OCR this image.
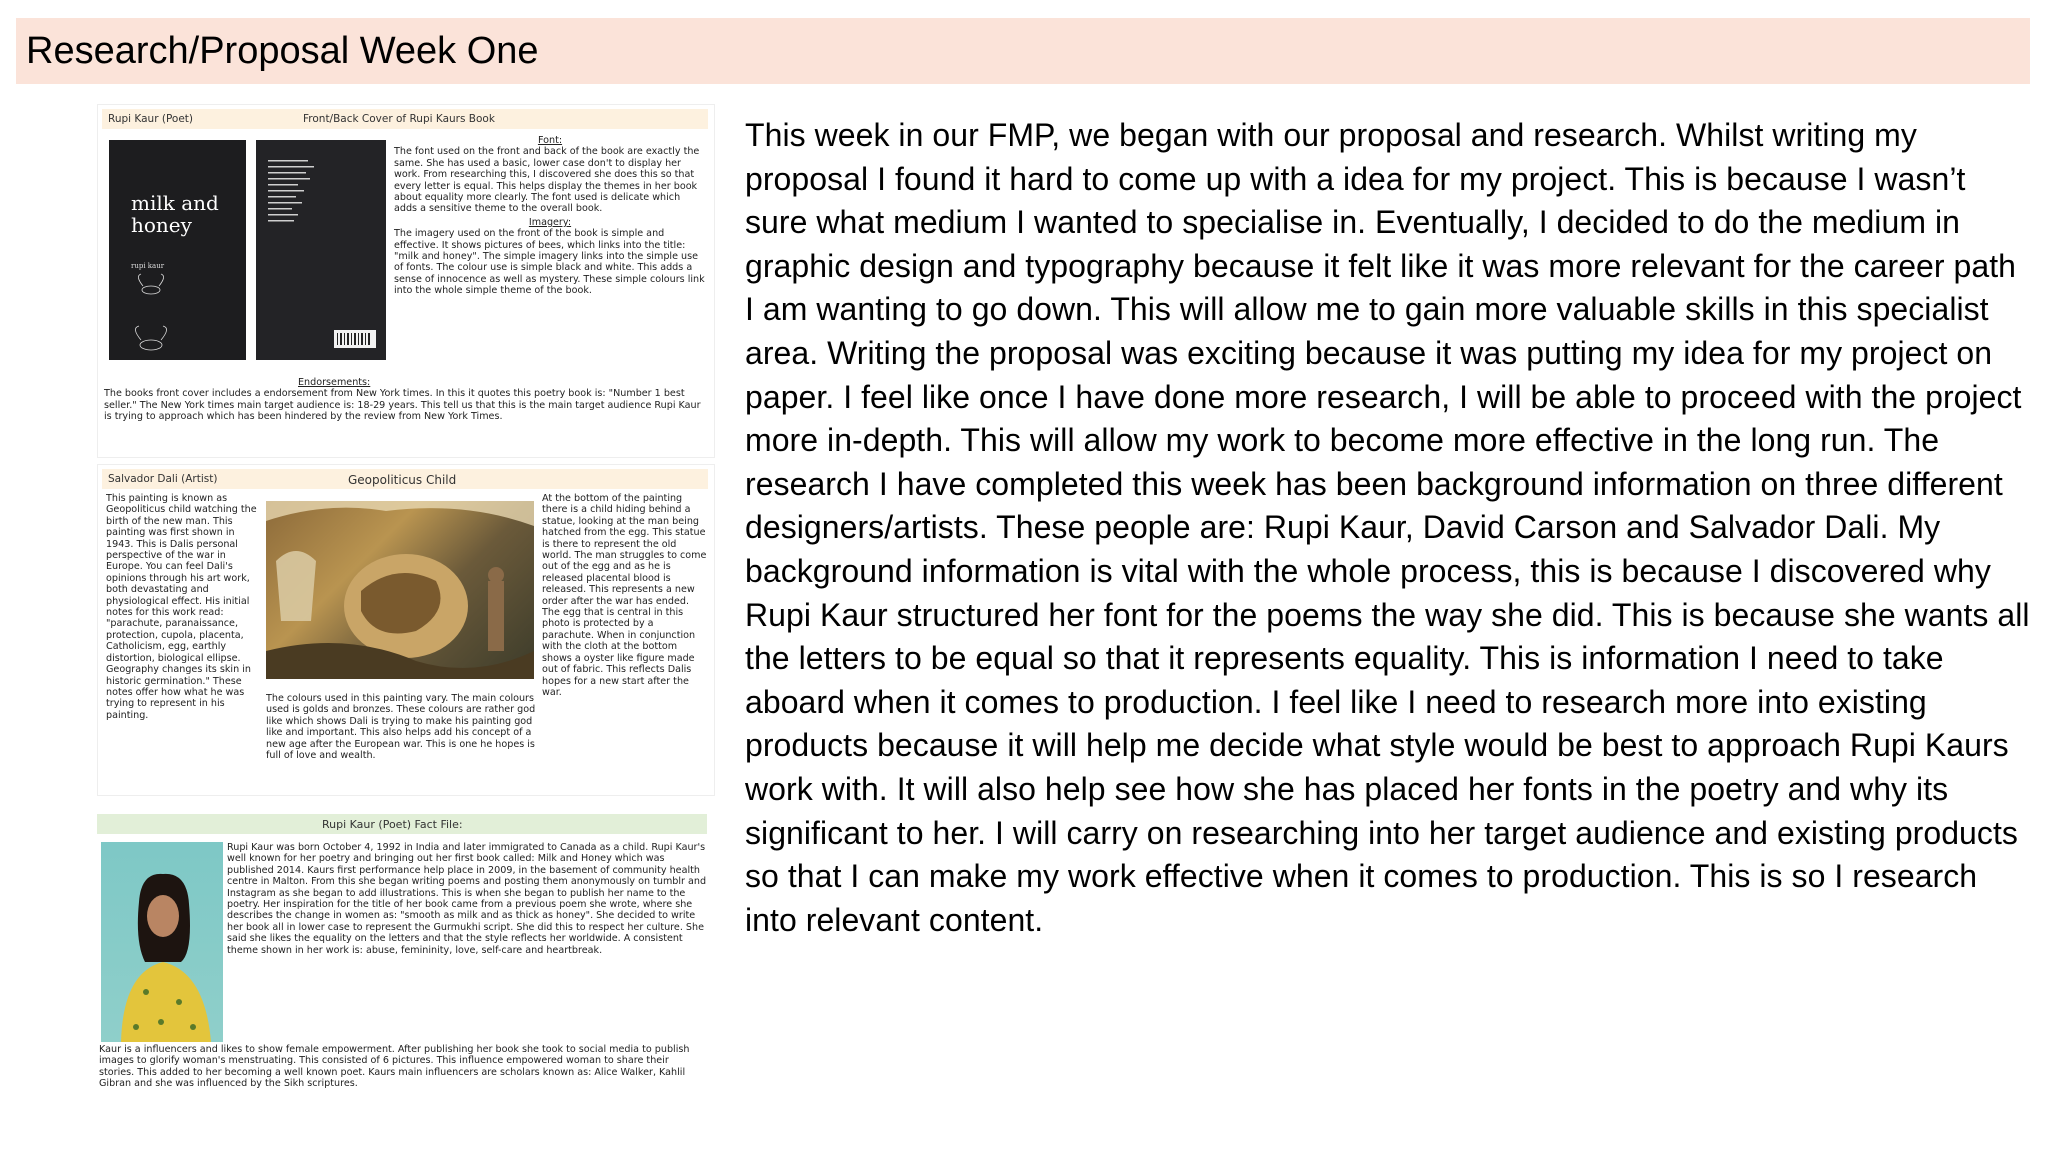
Research/Proposal Week One
Rupi Kaur (Poet)	Front/Back Cover of Rupi Kaurs Book
milk and honey
rupi kaur

Font:

The font used on the front and back of the book are exactly the same. She has used a basic, lower case don't to display her work. From researching this, I discovered she does this so that every letter is equal. This helps display the themes in her book about equality more clearly. The font used is delicate which adds a sensitive theme to the overall book.

Imagery:

The imagery used on the front of the book is simple and effective. It shows pictures of bees, which links into the title: "milk and honey". The simple imagery links into the simple use of fonts. The colour use is simple black and white. This adds a sense of innocence as well as mystery. These simple colours link into the whole simple theme of the book.

Endorsements:

The books front cover includes a endorsement from New York times. In this it quotes this poetry book is: "Number 1 best seller." The New York times main target audience is: 18-29 years. This tell us that this is the main target audience Rupi Kaur is trying to approach which has been hindered by the review from New York Times.

Salvador Dali (Artist)	Geopoliticus Child
This painting is known as Geopoliticus child watching the birth of the new man. This painting was first shown in 1943. This is Dalis personal perspective of the war in Europe. You can feel Dali's opinions through his art work, both devastating and physiological effect. His initial notes for this work read: "parachute, paranaissance, protection, cupola, placenta, Catholicism, egg, earthly distortion, biological ellipse. Geography changes its skin in historic germination." These notes offer how what he was trying to represent in his painting.
At the bottom of the painting there is a child hiding behind a statue, looking at the man being hatched from the egg. This statue is there to represent the old world. The man struggles to come out of the egg and as he is released placental blood is released. This represents a new order after the war has ended. The egg that is central in this photo is protected by a parachute. When in conjunction with the cloth at the bottom shows a oyster like figure made out of fabric. This reflects Dalis hopes for a new start after the war.
The colours used in this painting vary. The main colours used is golds and bronzes. These colours are rather god like which shows Dali is trying to make his painting god like and important. This also helps add his concept of a new age after the European war. This is one he hopes is full of love and wealth.
Rupi Kaur (Poet) Fact File:
Rupi Kaur was born October 4, 1992 in India and later immigrated to Canada as a child. Rupi Kaur's well known for her poetry and bringing out her first book called: Milk and Honey which was published 2014. Kaurs first performance help place in 2009, in the basement of community health centre in Malton. From this she began writing poems and posting them anonymously on tumblr and Instagram as she began to add illustrations. This is when she began to publish her name to the poetry. Her inspiration for the title of her book came from a previous poem she wrote, where she describes the change in women as: "smooth as milk and as thick as honey". She decided to write her book all in lower case to represent the Gurmukhi script. She did this to respect her culture. She said she likes the equality on the letters and that the style reflects her worldwide. A consistent theme shown in her work is: abuse, femininity, love, self-care and heartbreak.
Kaur is a influencers and likes to show female empowerment. After publishing her book she took to social media to publish images to glorify woman's menstruating. This consisted of 6 pictures. This influence empowered woman to share their stories. This added to her becoming a well known poet. Kaurs main influencers are scholars known as: Alice Walker, Kahlil Gibran and she was influenced by the Sikh scriptures.

This week in our FMP, we began with our proposal and research. Whilst writing my proposal I found it hard to come up with a idea for my project. This is because I wasn’t sure what medium I wanted to specialise in. Eventually, I decided to do the medium in graphic design and typography because it felt like it was more relevant for the career path I am wanting to go down. This will allow me to gain more valuable skills in this specialist area. Writing the proposal was exciting because it was putting my idea for my project on paper. I feel like once I have done more research, I will be able to proceed with the project more in-depth. This will allow my work to become more effective in the long run. The research I have completed this week has been background information on three different designers/artists. These people are: Rupi Kaur, David Carson and Salvador Dali. My background information is vital with the whole process, this is because I discovered why Rupi Kaur structured her font for the poems the way she did. This is because she wants all the letters to be equal so that it represents equality. This is information I need to take aboard when it comes to production. I feel like I need to research more into existing products because it will help me decide what style would be best to approach Rupi Kaurs work with. It will also help see how she has placed her fonts in the poetry and why its significant to her. I will carry on researching into her target audience and existing products so that I can make my work effective when it comes to production. This is so I research into relevant content.
